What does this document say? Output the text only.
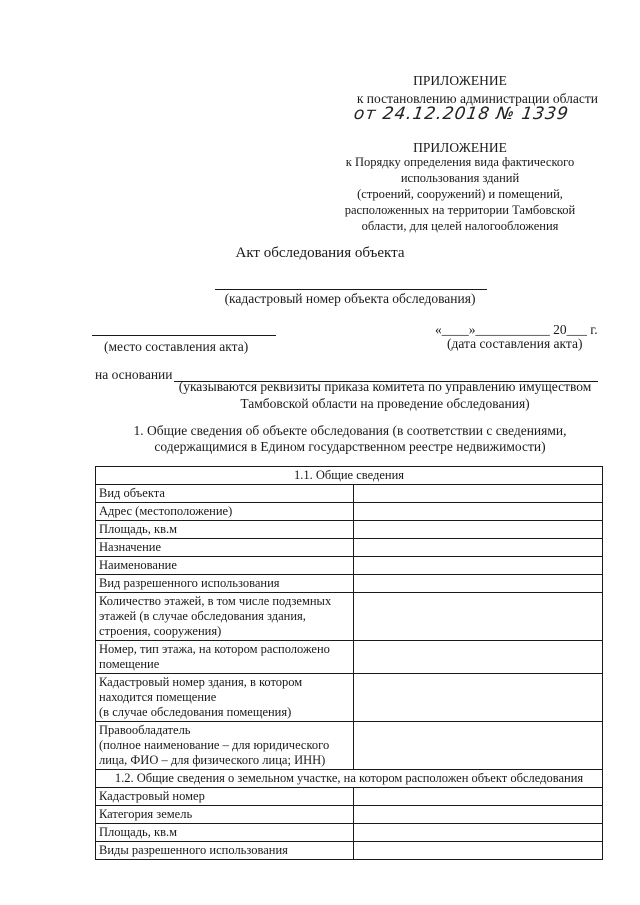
ПРИЛОЖЕНИЕ
к постановлению администрации области
от 24.12.2018 № 1339
ПРИЛОЖЕНИЕ
к Порядку определения вида фактического
использования зданий
(строений, сооружений) и помещений,
расположенных на территории Тамбовской
области, для целей налогообложения
Акт обследования объекта
(кадастровый номер объекта обследования)
(место составления акта)
«____»___________ 20___ г.
(дата составления акта)
на основании
(указываются реквизиты приказа комитета по управлению имуществом
Тамбовской области на проведение обследования)
1. Общие сведения об объекте обследования (в соответствии с сведениями,
содержащимися в Едином государственном реестре недвижимости)
1.1. Общие сведения	
Вид объекта	
Адрес (местоположение)	
Площадь, кв.м	
Назначение	
Наименование	
Вид разрешенного использования	

Количество этажей, в том числе подземных
этажей (в случае обследования здания,
строения, сооружения)	

Номер, тип этажа, на котором расположено
помещение	

Кадастровый номер здания, в котором
находится помещение
(в случае обследования помещения)	

Правообладатель
(полное наименование – для юридического
лица, ФИО – для физического лица; ИНН)	

1.2. Общие сведения о земельном участке, на котором расположен объект обследования	
Кадастровый номер	
Категория земель	
Площадь, кв.м	
Виды разрешенного использования	
